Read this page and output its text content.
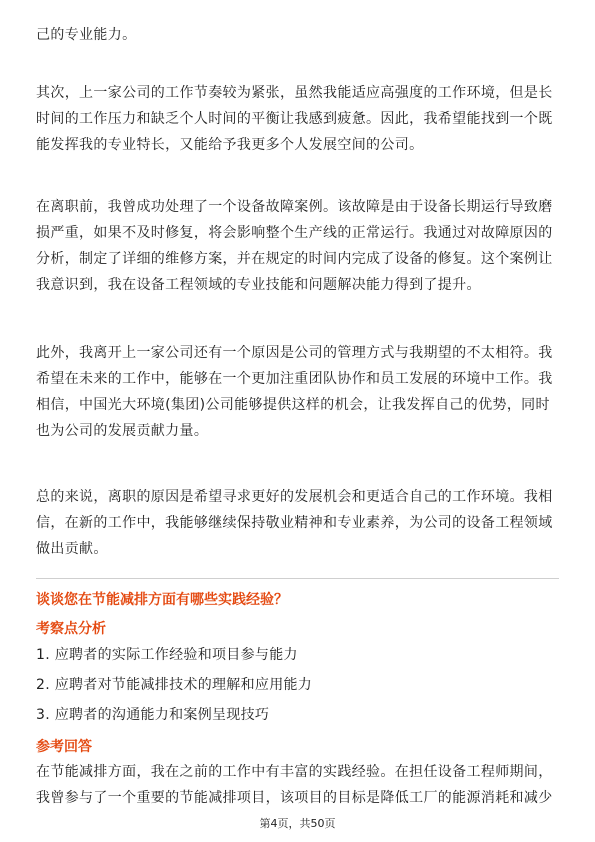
己的专业能力。
其次，上一家公司的工作节奏较为紧张，虽然我能适应高强度的工作环境，但是长
时间的工作压力和缺乏个人时间的平衡让我感到疲惫。因此，我希望能找到一个既
能发挥我的专业特长，又能给予我更多个人发展空间的公司。
在离职前，我曾成功处理了一个设备故障案例。该故障是由于设备长期运行导致磨
损严重，如果不及时修复，将会影响整个生产线的正常运行。我通过对故障原因的
分析，制定了详细的维修方案，并在规定的时间内完成了设备的修复。这个案例让
我意识到，我在设备工程领域的专业技能和问题解决能力得到了提升。
此外，我离开上一家公司还有一个原因是公司的管理方式与我期望的不太相符。我
希望在未来的工作中，能够在一个更加注重团队协作和员工发展的环境中工作。我
相信，中国光大环境(集团)公司能够提供这样的机会，让我发挥自己的优势，同时
也为公司的发展贡献力量。
总的来说，离职的原因是希望寻求更好的发展机会和更适合自己的工作环境。我相
信，在新的工作中，我能够继续保持敬业精神和专业素养，为公司的设备工程领域
做出贡献。
谈谈您在节能减排方面有哪些实践经验？
考察点分析
1. 应聘者的实际工作经验和项目参与能力
2. 应聘者对节能减排技术的理解和应用能力
3. 应聘者的沟通能力和案例呈现技巧
参考回答
在节能减排方面，我在之前的工作中有丰富的实践经验。在担任设备工程师期间，
我曾参与了一个重要的节能减排项目，该项目的目标是降低工厂的能源消耗和减少
第4页，共50页
